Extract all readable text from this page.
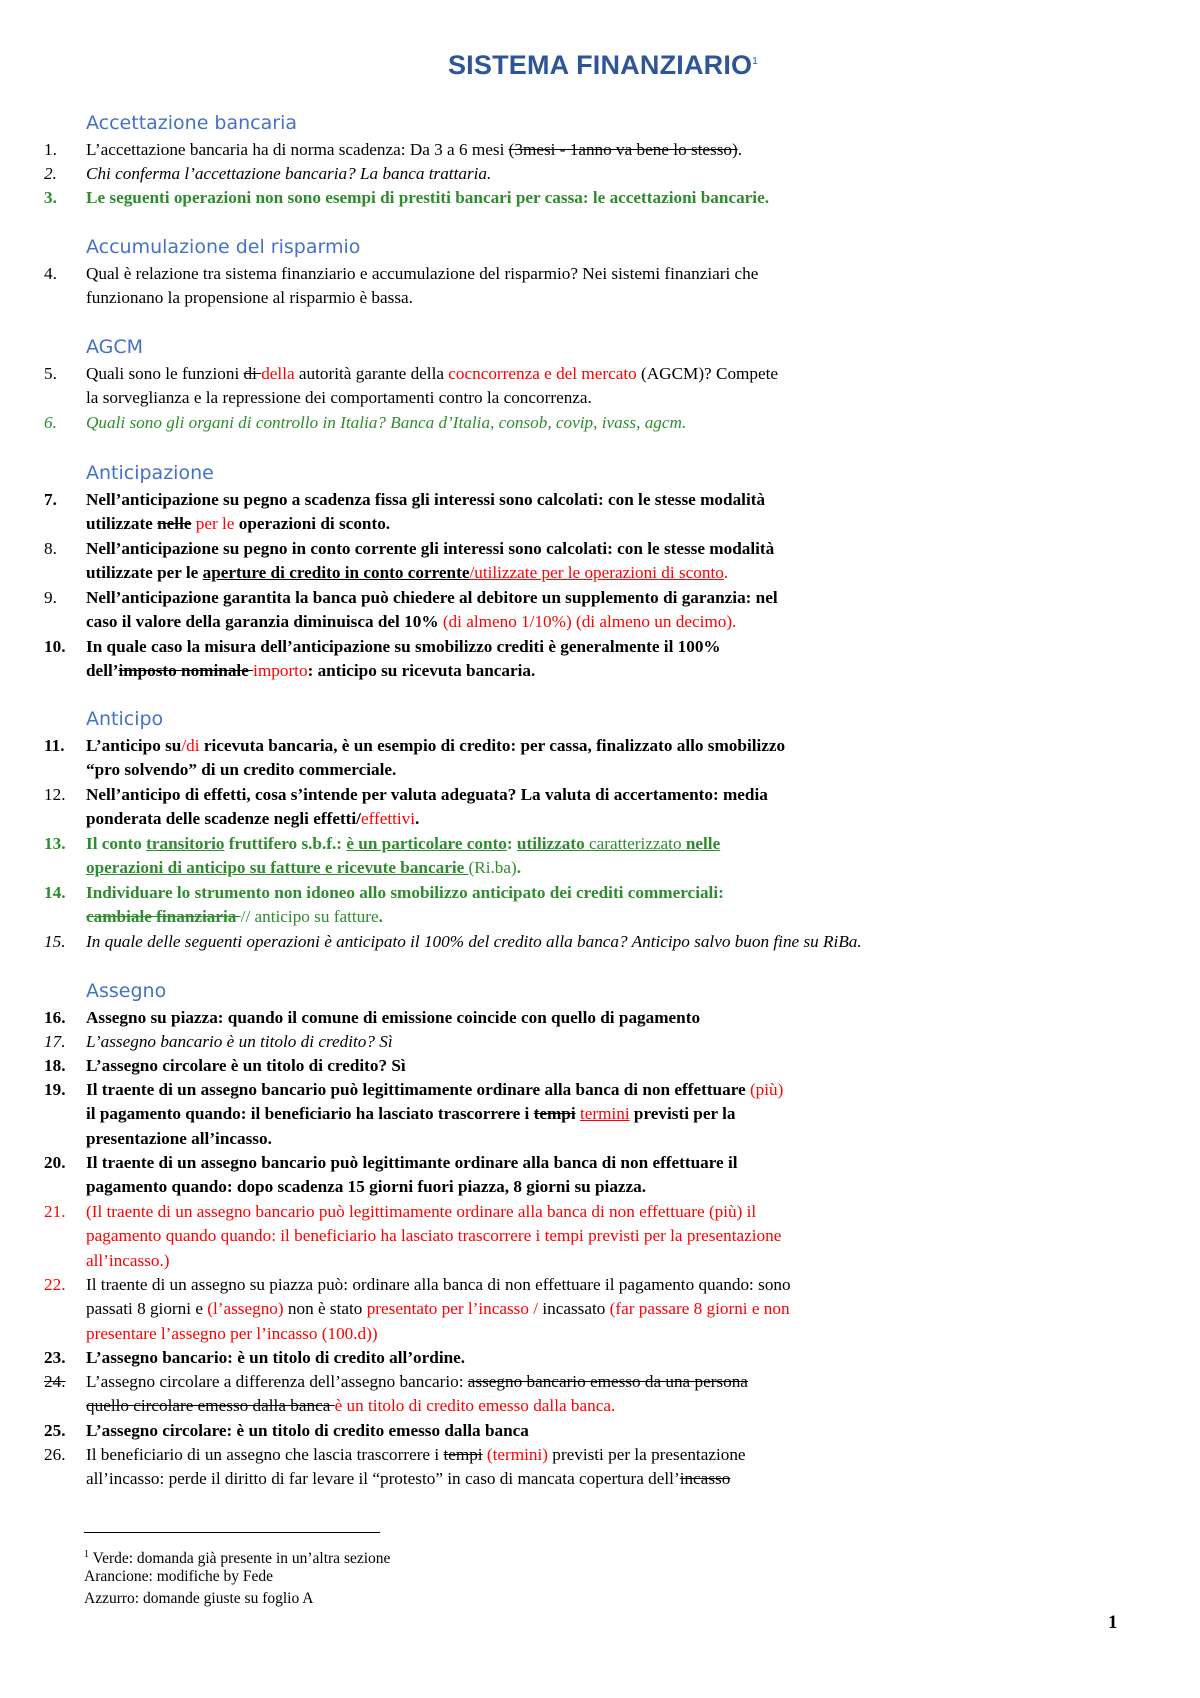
SISTEMA FINANZIARIO$^1$
Accettazione bancaria
1.	L’accettazione bancaria ha di norma scadenza: Da 3 a 6 mesi (3mesi - 1anno va bene lo stesso).
2.	Chi conferma l’accettazione bancaria? La banca trattaria.
3.	Le seguenti operazioni non sono esempi di prestiti bancari per cassa: le accettazioni bancarie.
Accumulazione del risparmio
4.	Qual è relazione tra sistema finanziario e accumulazione del risparmio? Nei sistemi finanziari che
funzionano la propensione al risparmio è bassa.
AGCM
5.	Quali sono le funzioni di della autorità garante della cocncorrenza e del mercato (AGCM)? Compete
la sorveglianza e la repressione dei comportamenti contro la concorrenza.
6.	Quali sono gli organi di controllo in Italia? Banca d’Italia, consob, covip, ivass, agcm.
Anticipazione
7.	Nell’anticipazione su pegno a scadenza fissa gli interessi sono calcolati: con le stesse modalità
utilizzate nelle per le operazioni di sconto.
8.	Nell’anticipazione su pegno in conto corrente gli interessi sono calcolati: con le stesse modalità
utilizzate per le aperture di credito in conto corrente/utilizzate per le operazioni di sconto.
9.	Nell’anticipazione garantita la banca può chiedere al debitore un supplemento di garanzia: nel
caso il valore della garanzia diminuisca del 10% (di almeno 1/10%) (di almeno un decimo).
10.	In quale caso la misura dell’anticipazione su smobilizzo crediti è generalmente il 100%
dell’imposto nominale importo: anticipo su ricevuta bancaria.
Anticipo
11.	L’anticipo su/di ricevuta bancaria, è un esempio di credito: per cassa, finalizzato allo smobilizzo
“pro solvendo” di un credito commerciale.
12.	Nell’anticipo di effetti, cosa s’intende per valuta adeguata? La valuta di accertamento: media
ponderata delle scadenze negli effetti/effettivi.
13.	Il conto transitorio fruttifero s.b.f.: è un particolare conto: utilizzato caratterizzato nelle
operazioni di anticipo su fatture e ricevute bancarie (Ri.ba).
14.	Individuare lo strumento non idoneo allo smobilizzo anticipato dei crediti commerciali:
cambiale finanziaria // anticipo su fatture.
15.	In quale delle seguenti operazioni è anticipato il 100% del credito alla banca? Anticipo salvo buon fine su RiBa.
Assegno
16.	Assegno su piazza: quando il comune di emissione coincide con quello di pagamento
17.	L’assegno bancario è un titolo di credito? Sì
18.	L’assegno circolare è un titolo di credito? Sì
19.	Il traente di un assegno bancario può legittimamente ordinare alla banca di non effettuare (più)
il pagamento quando: il beneficiario ha lasciato trascorrere i tempi termini previsti per la
presentazione all’incasso.
20.	Il traente di un assegno bancario può legittimante ordinare alla banca di non effettuare il
pagamento quando: dopo scadenza 15 giorni fuori piazza, 8 giorni su piazza.
21.	(Il traente di un assegno bancario può legittimamente ordinare alla banca di non effettuare (più) il
pagamento quando quando: il beneficiario ha lasciato trascorrere i tempi previsti per la presentazione
all’incasso.)
22.	Il traente di un assegno su piazza può: ordinare alla banca di non effettuare il pagamento quando: sono
passati 8 giorni e (l’assegno) non è stato presentato per l’incasso / incassato (far passare 8 giorni e non
presentare l’assegno per l’incasso (100.d))
23.	L’assegno bancario: è un titolo di credito all’ordine.
24.	L’assegno circolare a differenza dell’assegno bancario: assegno bancario emesso da una persona
quello circolare emesso dalla banca è un titolo di credito emesso dalla banca.
25.	L’assegno circolare: è un titolo di credito emesso dalla banca
26.	Il beneficiario di un assegno che lascia trascorrere i tempi (termini) previsti per la presentazione
all’incasso: perde il diritto di far levare il “protesto” in caso di mancata copertura dell’incasso
$^1$ Verde: domanda già presente in un’altra sezione
Arancione: modifiche by Fede
Azzurro: domande giuste su foglio A
1
